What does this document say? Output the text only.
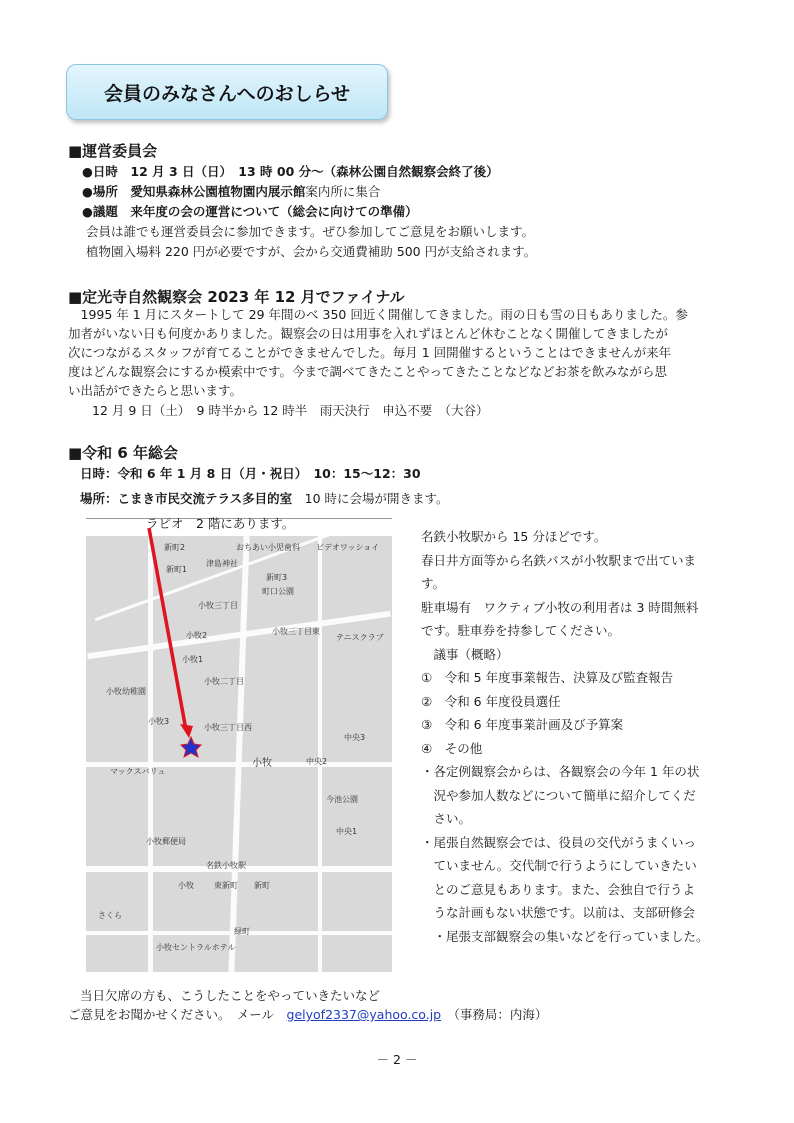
会員のみなさんへのおしらせ
■運営委員会
●日時　12 月 3 日（日）　13 時 00 分～（森林公園自然観察会終了後）
●場所　愛知県森林公園植物園内展示館案内所に集合
●議題　来年度の会の運営について（総会に向けての準備）
会員は誰でも運営委員会に参加できます。ぜひ参加してご意見をお願いします。
植物園入場料 220 円が必要ですが、会から交通費補助 500 円が支給されます。
■定光寺自然観察会 2023 年 12 月でファイナル
　1995 年 1 月にスタートして 29 年間のべ 350 回近く開催してきました。雨の日も雪の日もありました。参
加者がいない日も何度かありました。観察会の日は用事を入れずほとんど休むことなく開催してきましたが
次につながるスタッフが育てることができませんでした。毎月 1 回開催するということはできませんが来年
度はどんな観察会にするか模索中です。今まで調べてきたことやってきたことなどなどお茶を飲みながら思
い出話ができたらと思います。
12 月 9 日（土）　9 時半から 12 時半　雨天決行　申込不要　（大谷）
■令和 6 年総会
日時：令和 6 年 1 月 8 日（月・祝日）　10：15～12：30
場所：こまき市民交流テラス多目的室　 10 時に会場が開きます。
ラピオ　2 階にあります。
新町2	おちあい小児歯科 ビデオワッショイ
新町1
津島神社
新町3
町口公園
小牧三丁目
小牧2	小牧三丁目東
テニスクラブ
小牧二丁目
小牧幼稚園
小牧1
小牧3
小牧三丁目西
小牧	中央2
中央3
マックスバリュ
今池公園
中央1
小牧郵便局
小牧	東新町 新町
さくら
小牧セントラルホテル
名鉄小牧駅
緑町
名鉄小牧駅から 15 分ほどです。
春日井方面等から名鉄バスが小牧駅まで出ていま
す。
駐車場有　ワクティブ小牧の利用者は 3 時間無料
です。駐車券を持参してください。
　議事（概略）
①　令和 5 年度事業報告、決算及び監査報告
②　令和 6 年度役員選任
③　令和 6 年度事業計画及び予算案
④　その他
・各定例観察会からは、各観察会の今年 1 年の状
　況や参加人数などについて簡単に紹介してくだ
　さい。
・尾張自然観察会では、役員の交代がうまくいっ
　ていません。交代制で行うようにしていきたい
　とのご意見もあります。また、会独自で行うよ
　うな計画もない状態です。以前は、支部研修会
　・尾張支部観察会の集いなどを行っていました。
当日欠席の方も、こうしたことをやっていきたいなど
ご意見をお聞かせください。　メール　 gelyof2337@yahoo.co.jp　 （事務局：内海）
－ 2 －
